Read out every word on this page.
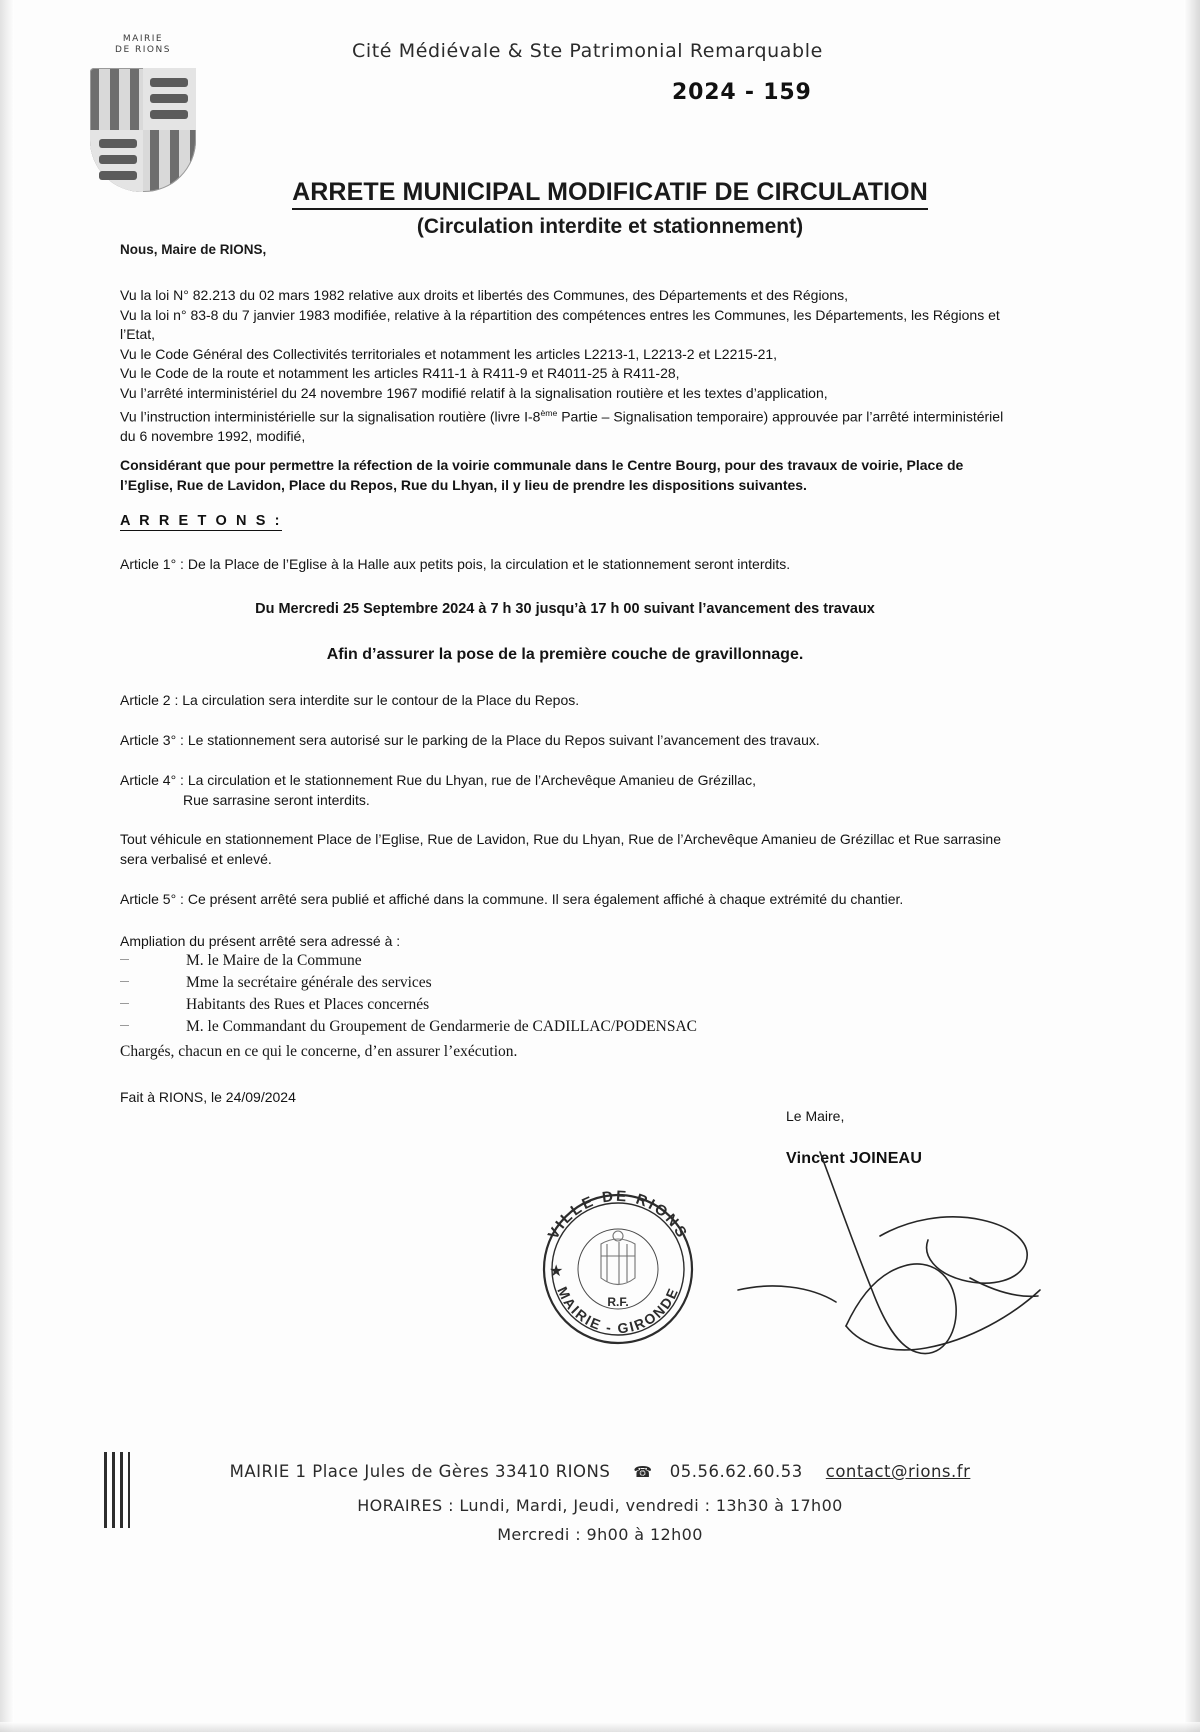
MAIRIE
DE RIONS	Cité Médiévale & Ste Patrimonial Remarquable
2024 - 159
ARRETE MUNICIPAL MODIFICATIF DE CIRCULATION
(Circulation interdite et stationnement)
Nous, Maire de RIONS,
Vu la loi N° 82.213 du 02 mars 1982 relative aux droits et libertés des Communes, des Départements et des Régions,
Vu la loi n° 83-8 du 7 janvier 1983 modifiée, relative à la répartition des compétences entres les Communes, les Départements, les Régions et l’Etat,
Vu le Code Général des Collectivités territoriales et notamment les articles L2213-1, L2213-2 et L2215-21,
Vu le Code de la route et notamment les articles R411-1 à R411-9 et R4011-25 à R411-28,
Vu l’arrêté interministériel du 24 novembre 1967 modifié relatif à la signalisation routière et les textes d’application,
Vu l’instruction interministérielle sur la signalisation routière (livre I-8ème Partie – Signalisation temporaire) approuvée par l’arrêté interministériel du 6 novembre 1992, modifié,
Considérant que pour permettre la réfection de la voirie communale dans le Centre Bourg, pour des travaux de voirie, Place de l’Eglise, Rue de Lavidon, Place du Repos, Rue du Lhyan, il y lieu de prendre les dispositions suivantes.
A R R E T O N S :
Article 1° : De la Place de l’Eglise à la Halle aux petits pois, la circulation et le stationnement seront interdits.
Du Mercredi 25 Septembre 2024 à 7 h 30 jusqu’à 17 h 00 suivant l’avancement des travaux
Afin d’assurer la pose de la première couche de gravillonnage.
Article 2 : La circulation sera interdite sur le contour de la Place du Repos.
Article 3° : Le stationnement sera autorisé sur le parking de la Place du Repos suivant l’avancement des travaux.
Article 4° : La circulation et le stationnement Rue du Lhyan, rue de l’Archevêque Amanieu de Grézillac,
Rue sarrasine seront interdits.
Tout véhicule en stationnement Place de l’Eglise, Rue de Lavidon, Rue du Lhyan, Rue de l’Archevêque Amanieu de Grézillac et Rue sarrasine sera verbalisé et enlevé.
Article 5° : Ce présent arrêté sera publié et affiché dans la commune. Il sera également affiché à chaque extrémité du chantier.
Ampliation du présent arrêté sera adressé à :
M. le Maire de la Commune
Mme la secrétaire générale des services
Habitants des Rues et Places concernés
M. le Commandant du Groupement de Gendarmerie de CADILLAC/PODENSAC
Chargés, chacun en ce qui le concerne, d’en assurer l’exécution.
Fait à RIONS, le 24/09/2024
Le Maire,
Vincent JOINEAU
VILLE DE RIONS
MAIRIE - GIRONDE
R.F.
★
MAIRIE 1 Place Jules de Gères 33410 RIONS ☎ 05.56.62.60.53 contact@rions.fr
HORAIRES : Lundi, Mardi, Jeudi, vendredi : 13h30 à 17h00
Mercredi : 9h00 à 12h00
